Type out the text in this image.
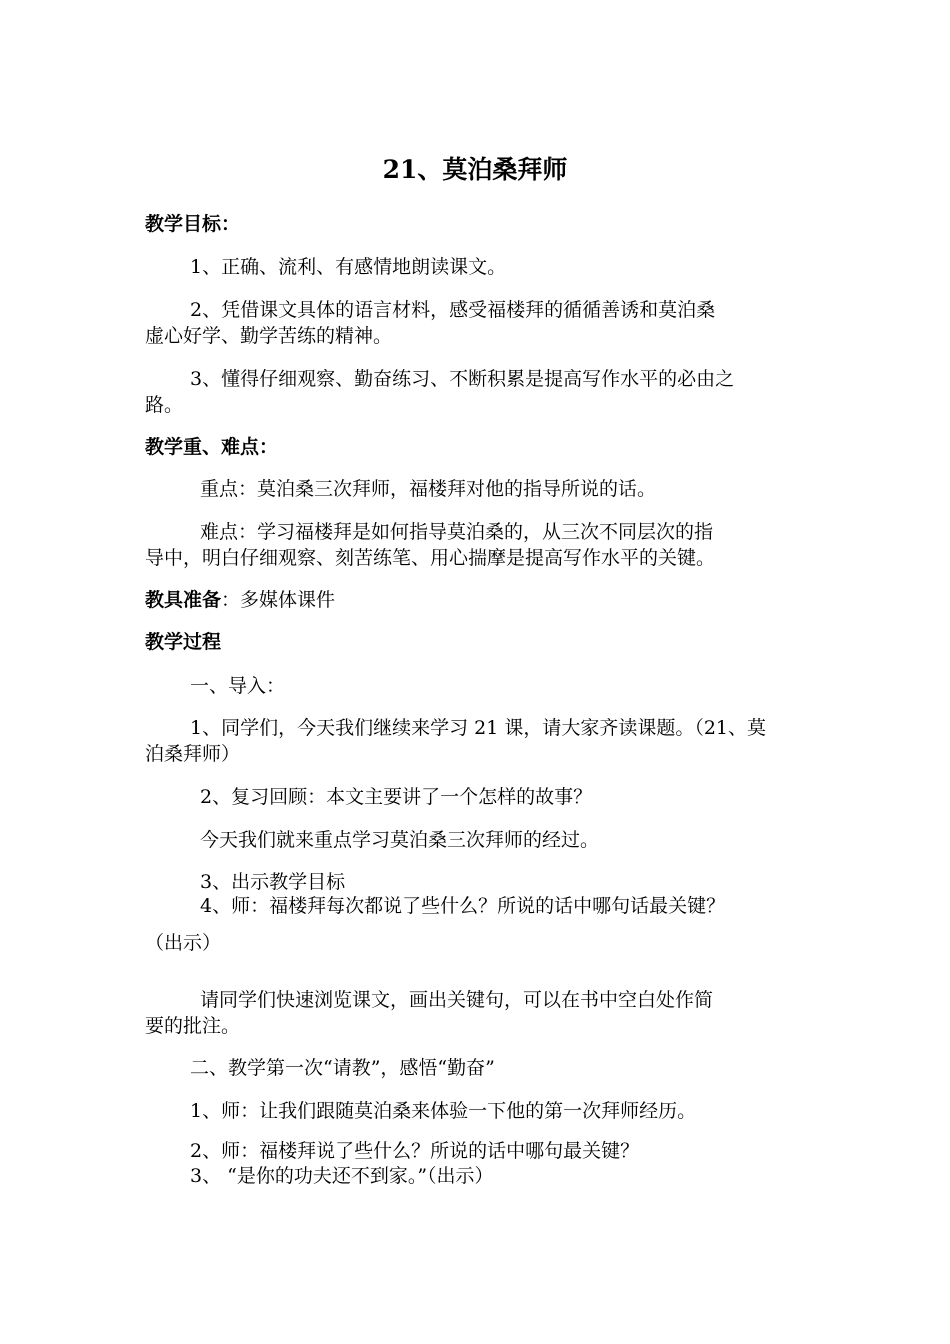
21、莫泊桑拜师
教学目标：
1、正确、流利、有感情地朗读课文。
2、凭借课文具体的语言材料，感受福楼拜的循循善诱和莫泊桑
虚心好学、勤学苦练的精神。
3、懂得仔细观察、勤奋练习、不断积累是提高写作水平的必由之
路。
教学重、难点：
重点：莫泊桑三次拜师，福楼拜对他的指导所说的话。
难点：学习福楼拜是如何指导莫泊桑的，从三次不同层次的指
导中，明白仔细观察、刻苦练笔、用心揣摩是提高写作水平的关键。
教具准备：多媒体课件
教学过程
一、导入：
1、同学们，今天我们继续来学习 21 课，请大家齐读课题。（21、莫
泊桑拜师）
2、复习回顾：本文主要讲了一个怎样的故事？
今天我们就来重点学习莫泊桑三次拜师的经过。
3、出示教学目标
4、师：福楼拜每次都说了些什么？所说的话中哪句话最关键？
（出示）
请同学们快速浏览课文，画出关键句，可以在书中空白处作简
要的批注。
二、教学第一次“请教”，感悟“勤奋”
1、师：让我们跟随莫泊桑来体验一下他的第一次拜师经历。
2、师：福楼拜说了些什么？所说的话中哪句最关键？
3、 “是你的功夫还不到家。”（出示）
